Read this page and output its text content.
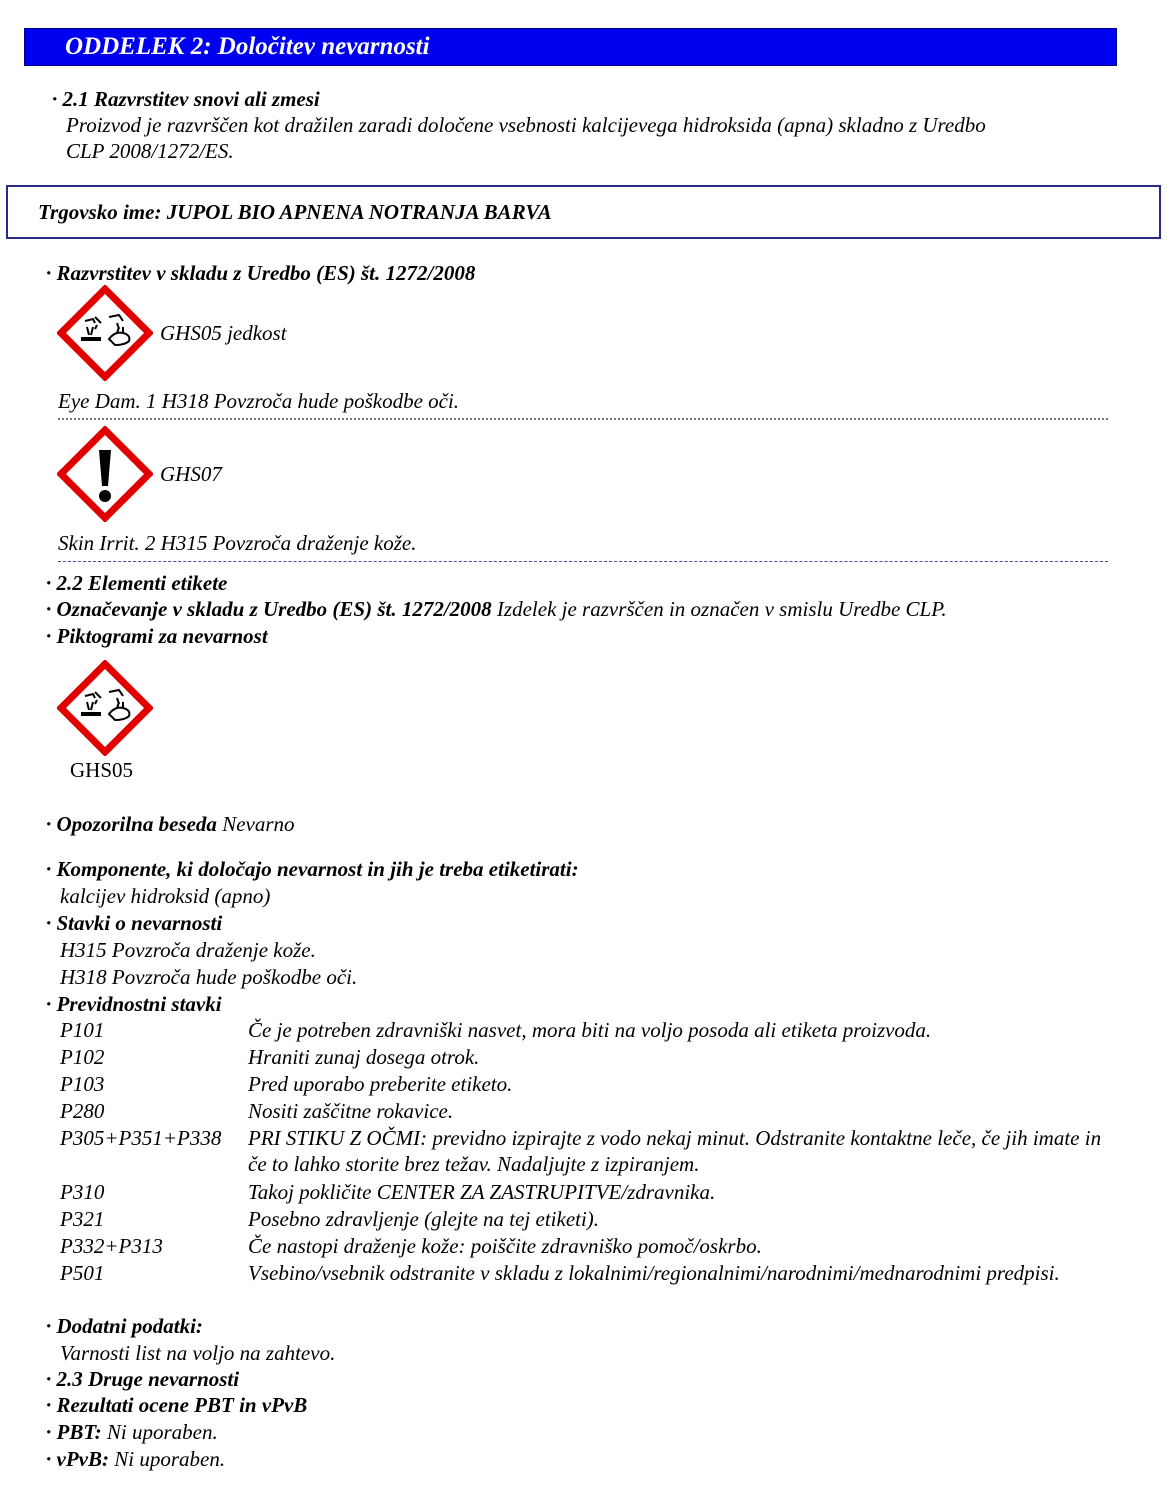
ODDELEK 2: Določitev nevarnosti
· 2.1 Razvrstitev snovi ali zmesi
Proizvod je razvrščen kot dražilen zaradi določene vsebnosti kalcijevega hidroksida (apna) skladno z Uredbo
CLP 2008/1272/ES.
Trgovsko ime: JUPOL BIO APNENA NOTRANJA BARVA
· Razvrstitev v skladu z Uredbo (ES) št. 1272/2008
GHS05 jedkost
Eye Dam. 1 H318 Povzroča hude poškodbe oči.
GHS07
Skin Irrit. 2 H315 Povzroča draženje kože.
· 2.2 Elementi etikete
· Označevanje v skladu z Uredbo (ES) št. 1272/2008 Izdelek je razvrščen in označen v smislu Uredbe CLP.
· Piktogrami za nevarnost
GHS05
· Opozorilna beseda Nevarno
· Komponente, ki določajo nevarnost in jih je treba etiketirati:
kalcijev hidroksid (apno)
· Stavki o nevarnosti
H315 Povzroča draženje kože.
H318 Povzroča hude poškodbe oči.
· Previdnostni stavki
P101	Če je potreben zdravniški nasvet, mora biti na voljo posoda ali etiketa proizvoda.
P102	Hraniti zunaj dosega otrok.
P103	Pred uporabo preberite etiketo.
P280	Nositi zaščitne rokavice.
P305+P351+P338 PRI STIKU Z OČMI: previdno izpirajte z vodo nekaj minut. Odstranite kontaktne leče, če jih imate in če to lahko storite brez težav. Nadaljujte z izpiranjem.
P310	Takoj pokličite CENTER ZA ZASTRUPITVE/zdravnika.
P321	Posebno zdravljenje (glejte na tej etiketi).
P332+P313	Če nastopi draženje kože: poiščite zdravniško pomoč/oskrbo.
P501	Vsebino/vsebnik odstranite v skladu z lokalnimi/regionalnimi/narodnimi/mednarodnimi predpisi.
· Dodatni podatki:
Varnosti list na voljo na zahtevo.
· 2.3 Druge nevarnosti
· Rezultati ocene PBT in vPvB
· PBT: Ni uporaben.
· vPvB: Ni uporaben.
